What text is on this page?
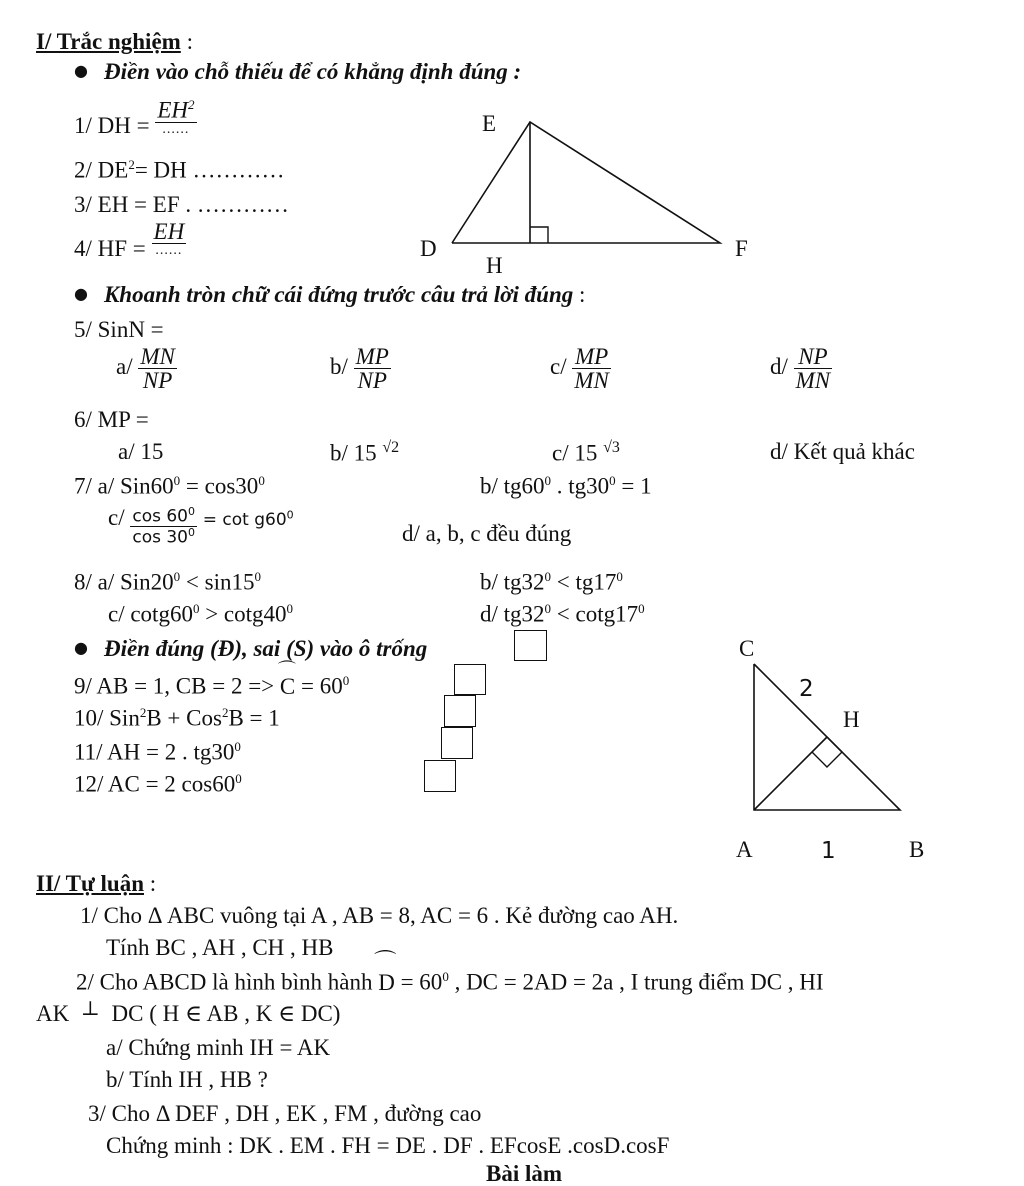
I/ Trắc nghiệm :
● Điền vào chỗ thiếu để có khẳng định đúng :
1/ DH = $\frac{EH^2}{......}$
2/ $DE^2=$ DH …………
3/ EH = EF . …………
4/ HF = $\frac{EH}{......}$
E
D
H
F
● Khoanh tròn chữ cái đứng trước câu trả lời đúng :
5/ SinN =
$a/ \frac{MN}{NP}$	$b/ \frac{MP}{NP}$	$c/ \frac{MP}{MN}$	$d/ \frac{NP}{MN}$
6/ MP =
a/ 15	b/ 15 $^{√2}$	c/ 15 $^{√3}$	d/ Kết quả khác
7/ a/ $Sin60^0 = \cos 30^0$	b/ $tg60^0$ . $tg30^0 = 1$
$c/ \frac{\cos 60^0}{\cos 30^0} ^{= cot g60^0}$
d/ a, b, c đều đúng
8/ a/ $Sin20^0 < \sin 15^0$	b/ $tg32^0 < tg17^0$
c/ $\cot g60^0 > \cot g40^0$	d/ $tg32^0 < \cot g17^0$
● Điền đúng (Đ), sai (S) vào ô trống
9/ AB = 1, CB = 2 => C
⌒
= $60^0$
10/ Sin$^2$B + Cos$^2$B = 1
11/ AH = 2 . $tg30^0$
12/ AC = 2 $\cos 60^0$
C
2
H
A	1	B
II/ Tự luận :
1/ Cho Δ ABC vuông tại A , AB = 8, AC = 6 . Kẻ đường cao AH.
Tính BC , AH , CH , HB
2/ Cho ABCD là hình bình hành D
⌒
= $60^0$ , DC = 2AD = 2a , I trung điểm DC , HI
AK ⊥ DC ( H ∈ AB , K ∈ DC)
a/ Chứng minh IH = AK
b/ Tính IH , HB ?
3/ Cho Δ DEF , DH , EK , FM , đường cao
Chứng minh : DK . EM . FH = DE . DF . EFcosE .cosD.cosF
Bài làm
